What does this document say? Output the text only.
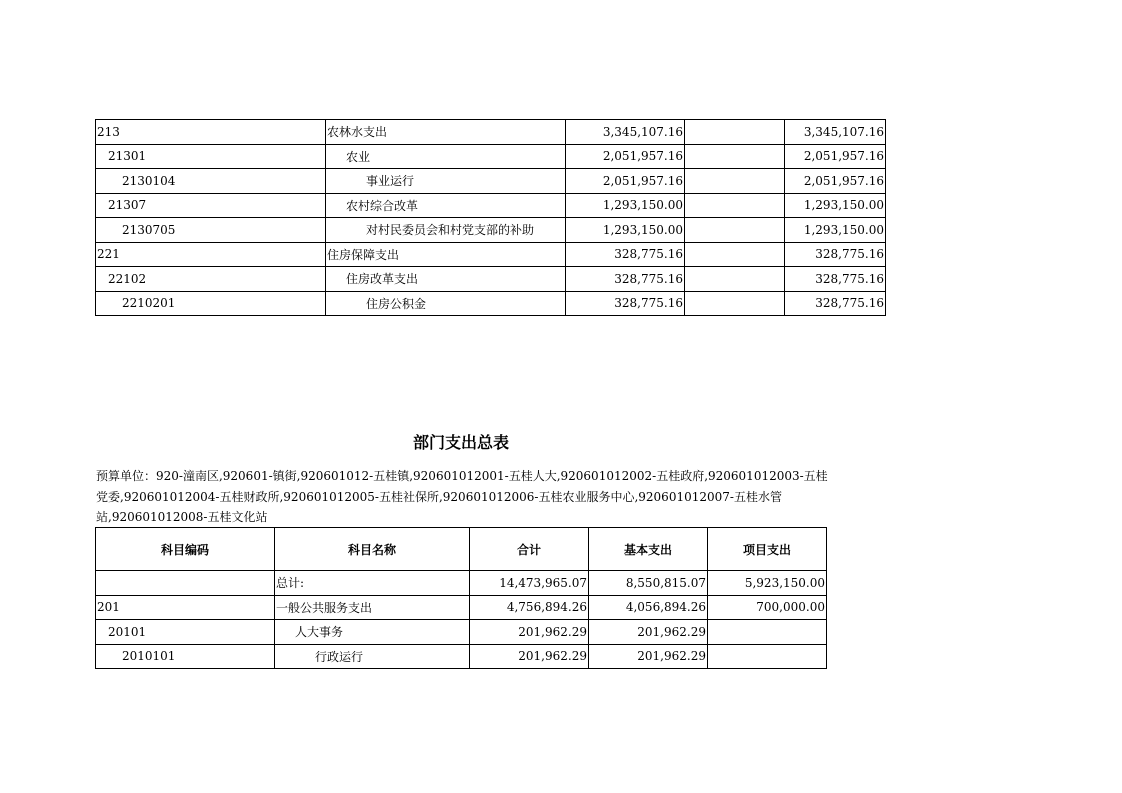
213	农林水支出	3,345,107.16		3,345,107.16
21301	农业	2,051,957.16		2,051,957.16
2130104	事业运行	2,051,957.16		2,051,957.16
21307	农村综合改革	1,293,150.00		1,293,150.00
2130705	对村民委员会和村党支部的补助	1,293,150.00		1,293,150.00
221	住房保障支出	328,775.16		328,775.16
22102	住房改革支出	328,775.16		328,775.16
2210201	住房公积金	328,775.16		328,775.16
部门支出总表

预算单位：920-潼南区,920601-镇街,920601012-五桂镇,920601012001-五桂人大,920601012002-五桂政府,920601012003-五桂党委,920601012004-五桂财政所,920601012005-五桂社保所,920601012006-五桂农业服务中心,920601012007-五桂水管站,920601012008-五桂文化站

科目编码	科目名称	合计	基本支出	项目支出
	总计:	14,473,965.07	8,550,815.07	5,923,150.00
201	一般公共服务支出	4,756,894.26	4,056,894.26	700,000.00
20101	人大事务	201,962.29	201,962.29	
2010101	行政运行	201,962.29	201,962.29	
